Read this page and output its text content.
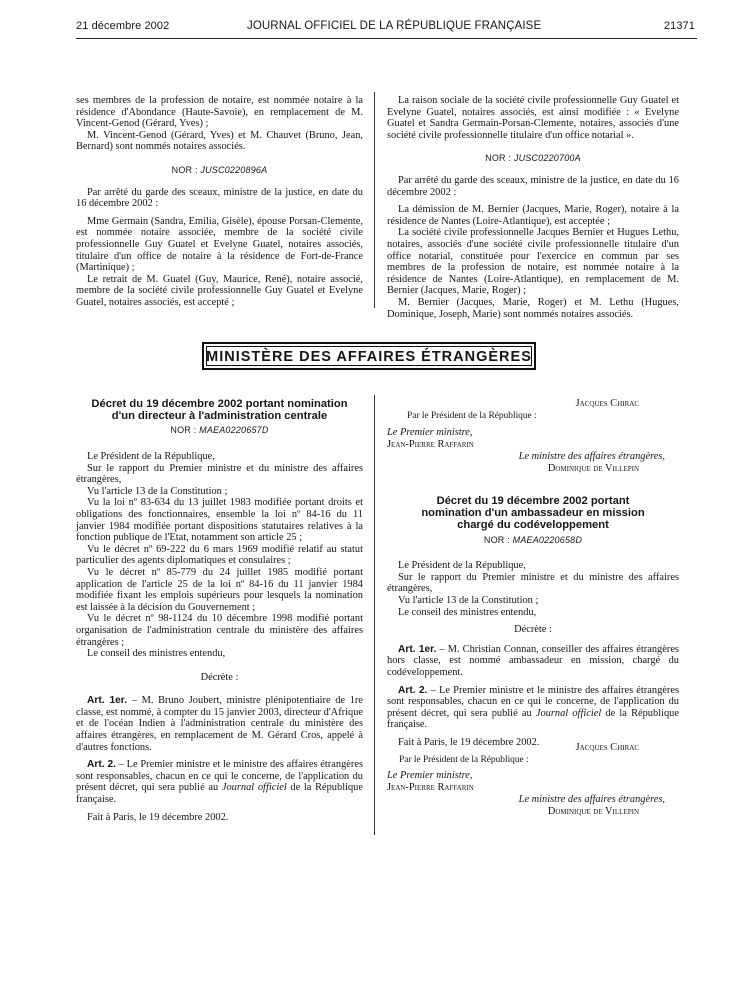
21 décembre 2002	JOURNAL OFFICIEL DE LA RÉPUBLIQUE FRANÇAISE	21371

ses membres de la profession de notaire, est nommée notaire à la résidence d'Abondance (Haute-Savoie), en remplacement de M. Vincent-Genod (Gérard, Yves) ;

M. Vincent-Genod (Gérard, Yves) et M. Chauvet (Bruno, Jean, Bernard) sont nommés notaires associés.

NOR : JUSC0220896A

Par arrêté du garde des sceaux, ministre de la justice, en date du 16 décembre 2002 :

Mme Germain (Sandra, Emilia, Gisèle), épouse Porsan-Clemente, est nommée notaire associée, membre de la société civile professionnelle Guy Guatel et Evelyne Guatel, notaires associés, titulaire d'un office de notaire à la résidence de Fort-de-France (Martinique) ;

Le retrait de M. Guatel (Guy, Maurice, René), notaire associé, membre de la société civile professionnelle Guy Guatel et Evelyne Guatel, notaires associés, est accepté ;

La raison sociale de la société civile professionnelle Guy Guatel et Evelyne Guatel, notaires associés, est ainsi modifiée : « Evelyne Guatel et Sandra Germain-Porsan-Clemente, notaires, associés d'une société civile professionnelle titulaire d'un office notarial ».

NOR : JUSC0220700A

Par arrêté du garde des sceaux, ministre de la justice, en date du 16 décembre 2002 :

La démission de M. Bernier (Jacques, Marie, Roger), notaire à la résidence de Nantes (Loire-Atlantique), est acceptée ;

La société civile professionnelle Jacques Bernier et Hugues Lethu, notaires, associés d'une société civile professionnelle titulaire d'un office notarial, constituée pour l'exercice en commun par ses membres de la profession de notaire, est nommée notaire à la résidence de Nantes (Loire-Atlantique), en remplacement de M. Bernier (Jacques, Marie, Roger) ;

M. Bernier (Jacques, Marie, Roger) et M. Lethu (Hugues, Dominique, Joseph, Marie) sont nommés notaires associés.

MINISTÈRE DES AFFAIRES ÉTRANGÈRES
Décret du 19 décembre 2002 portant nomination
d'un directeur à l'administration centrale

NOR : MAEA0220657D

Le Président de la République,

Sur le rapport du Premier ministre et du ministre des affaires étrangères,

Vu l'article 13 de la Constitution ;

Vu la loi nº 83-634 du 13 juillet 1983 modifiée portant droits et obligations des fonctionnaires, ensemble la loi nº 84-16 du 11 janvier 1984 modifiée portant dispositions statutaires relatives à la fonction publique de l'Etat, notamment son article 25 ;

Vu le décret nº 69-222 du 6 mars 1969 modifié relatif au statut particulier des agents diplomatiques et consulaires ;

Vu le décret nº 85-779 du 24 juillet 1985 modifié portant application de l'article 25 de la loi nº 84-16 du 11 janvier 1984 modifiée fixant les emplois supérieurs pour lesquels la nomination est laissée à la décision du Gouvernement ;

Vu le décret nº 98-1124 du 10 décembre 1998 modifié portant organisation de l'administration centrale du ministère des affaires étrangères ;

Le conseil des ministres entendu,

Décrète :

Art. 1er. – M. Bruno Joubert, ministre plénipotentiaire de 1re classe, est nommé, à compter du 15 janvier 2003, directeur d'Afrique et de l'océan Indien à l'administration centrale du ministère des affaires étrangères, en remplacement de M. Gérard Cros, appelé à d'autres fonctions.

Art. 2. – Le Premier ministre et le ministre des affaires étrangères sont responsables, chacun en ce qui le concerne, de l'application du présent décret, qui sera publié au Journal officiel de la République française.

Fait à Paris, le 19 décembre 2002.

Jacques Chirac

Par le Président de la République :

Le Premier ministre,

Jean-Pierre Raffarin

Le ministre des affaires étrangères,

Dominique de Villepin

Décret du 19 décembre 2002 portant
nomination d'un ambassadeur en mission
chargé du codéveloppement

NOR : MAEA0220658D

Le Président de la République,

Sur le rapport du Premier ministre et du ministre des affaires étrangères,

Vu l'article 13 de la Constitution ;

Le conseil des ministres entendu,

Décrète :

Art. 1er. – M. Christian Connan, conseiller des affaires étrangères hors classe, est nommé ambassadeur en mission, chargé du codéveloppement.

Art. 2. – Le Premier ministre et le ministre des affaires étrangères sont responsables, chacun en ce qui le concerne, de l'application du présent décret, qui sera publié au Journal officiel de la République française.

Fait à Paris, le 19 décembre 2002.	Jacques Chirac

Par le Président de la République :

Le Premier ministre,

Jean-Pierre Raffarin

Le ministre des affaires étrangères,

Dominique de Villepin
